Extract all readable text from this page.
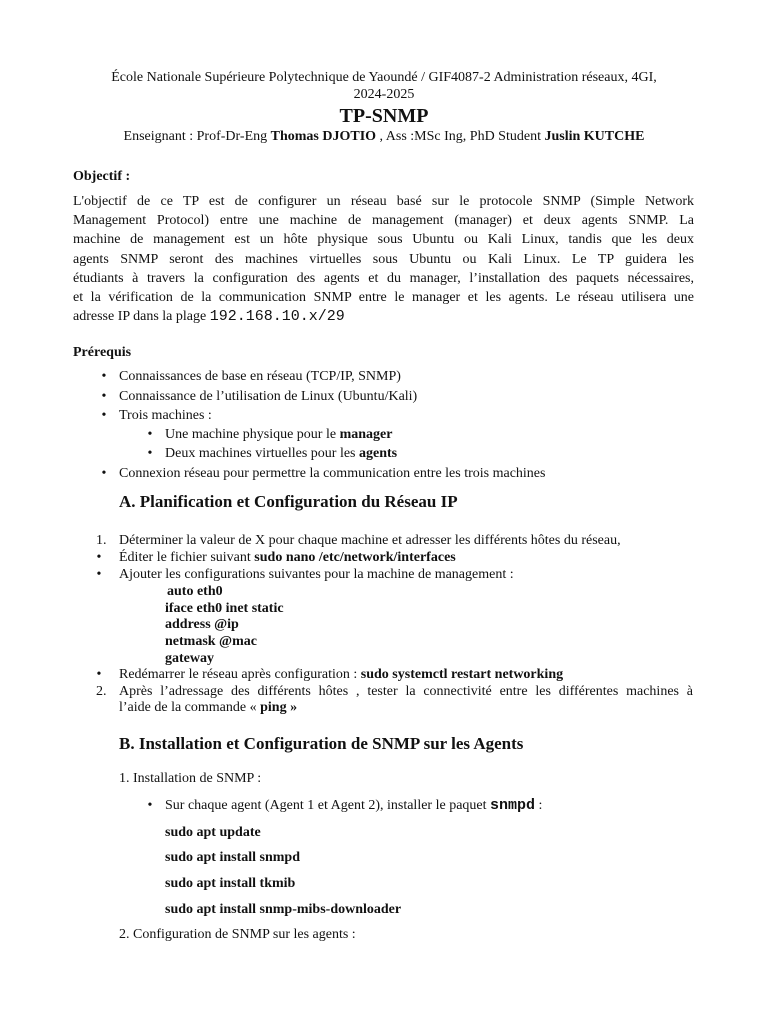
École Nationale Supérieure Polytechnique de Yaoundé / GIF4087-2 Administration réseaux, 4GI,
2024-2025
TP-SNMP
Enseignant : Prof-Dr-Eng Thomas DJOTIO , Ass :MSc Ing, PhD Student Juslin KUTCHE
Objectif :
L'objectif de ce TP est de configurer un réseau basé sur le protocole SNMP (Simple Network
Management Protocol) entre une machine de management (manager) et deux agents SNMP. La
machine de management est un hôte physique sous Ubuntu ou Kali Linux, tandis que les deux
agents SNMP seront des machines virtuelles sous Ubuntu ou Kali Linux. Le TP guidera les
étudiants à travers la configuration des agents et du manager, l’installation des paquets nécessaires,
et la vérification de la communication SNMP entre le manager et les agents. Le réseau utilisera une
adresse IP dans la plage 192.168.10.x/29
Prérequis
• Connaissances de base en réseau (TCP/IP, SNMP)
• Connaissance de l’utilisation de Linux (Ubuntu/Kali)
• Trois machines :
• Une machine physique pour le manager
• Deux machines virtuelles pour les agents
• Connexion réseau pour permettre la communication entre les trois machines
A. Planification et Configuration du Réseau IP
1. Déterminer la valeur de X pour chaque machine et adresser les différents hôtes du réseau,
• Éditer le fichier suivant sudo nano /etc/network/interfaces
• Ajouter les configurations suivantes pour la machine de management :
auto eth0
iface eth0 inet static
address @ip
netmask @mac
gateway
• Redémarrer le réseau après configuration : sudo systemctl restart networking
2. Après l’adressage des différents hôtes , tester la connectivité entre les différentes machines à
l’aide de la commande « ping »
B. Installation et Configuration de SNMP sur les Agents
1. Installation de SNMP :
• Sur chaque agent (Agent 1 et Agent 2), installer le paquet snmpd :
sudo apt update
sudo apt install snmpd
sudo apt install tkmib
sudo apt install snmp-mibs-downloader
2. Configuration de SNMP sur les agents :
